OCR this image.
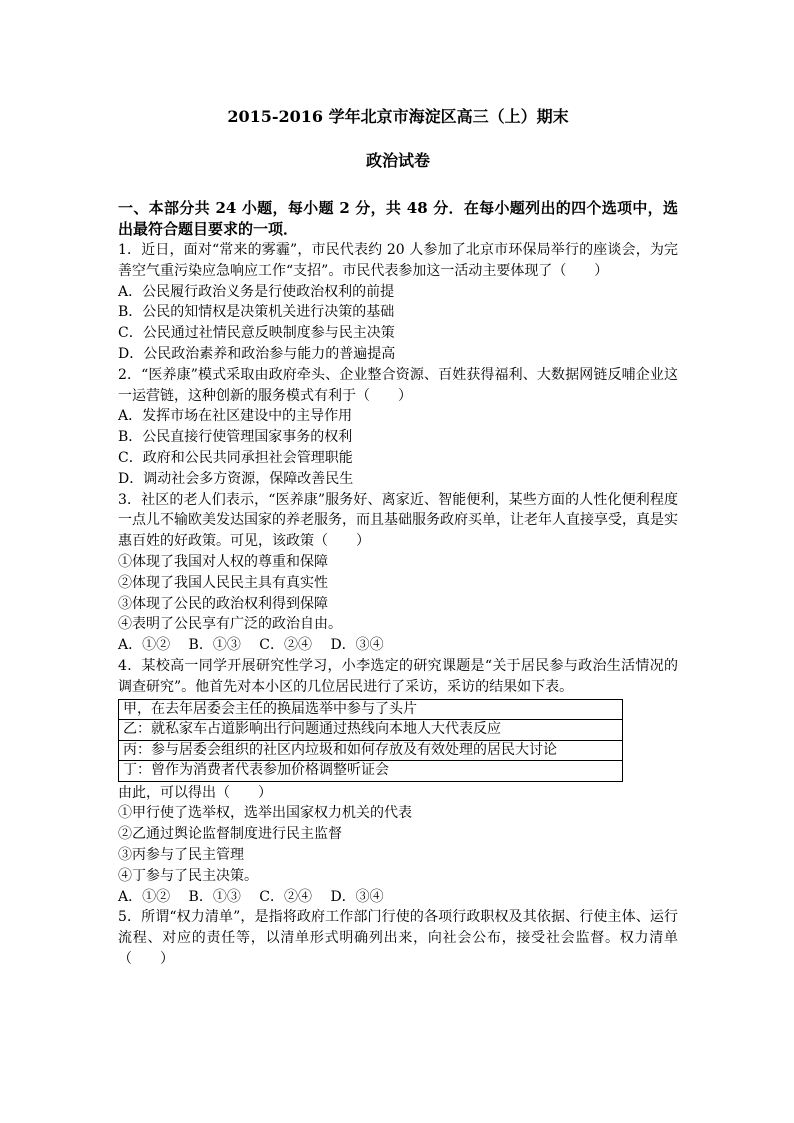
2015-2016 学年北京市海淀区高三（上）期末

政治试卷

一、本部分共 24 小题，每小题 2 分，共 48 分．在每小题列出的四个选项中，选出最符合题目要求的一项．
1．近日，面对“常来的雾霾”，市民代表约 20 人参加了北京市环保局举行的座谈会，为完善空气重污染应急响应工作“支招”。市民代表参加这一活动主要体现了（　　）
A．公民履行政治义务是行使政治权利的前提
B．公民的知情权是决策机关进行决策的基础
C．公民通过社情民意反映制度参与民主决策
D．公民政治素养和政治参与能力的普遍提高
2．“医养康”模式采取由政府牵头、企业整合资源、百姓获得福利、大数据网链反哺企业这一运营链，这种创新的服务模式有利于（　　）
A．发挥市场在社区建设中的主导作用
B．公民直接行使管理国家事务的权利
C．政府和公民共同承担社会管理职能
D．调动社会多方资源，保障改善民生
3．社区的老人们表示，“医养康”服务好、离家近、智能便利，某些方面的人性化便利程度一点儿不输欧美发达国家的养老服务，而且基础服务政府买单，让老年人直接享受，真是实惠百姓的好政策。可见，该政策（　　）
①体现了我国对人权的尊重和保障
②体现了我国人民民主具有真实性
③体现了公民的政治权利得到保障
④表明了公民享有广泛的政治自由。
A．①②　 B．①③　 C．②④　 D．③④
4．某校高一同学开展研究性学习，小李选定的研究课题是“关于居民参与政治生活情况的调查研究”。他首先对本小区的几位居民进行了采访，采访的结果如下表。
甲，在去年居委会主任的换届选举中参与了头片
乙：就私家车占道影响出行问题通过热线向本地人大代表反应
丙：参与居委会组织的社区内垃圾和如何存放及有效处理的居民大讨论
丁：曾作为消费者代表参加价格调整听证会
由此，可以得出（　　）
①甲行使了选举权，选举出国家权力机关的代表
②乙通过舆论监督制度进行民主监督
③丙参与了民主管理
④丁参与了民主决策。
A．①②　 B．①③　 C．②④　 D．③④
5．所谓“权力清单”，是指将政府工作部门行使的各项行政职权及其依据、行使主体、运行流程、对应的责任等，以清单形式明确列出来，向社会公布，接受社会监督。权力清单（　　）
